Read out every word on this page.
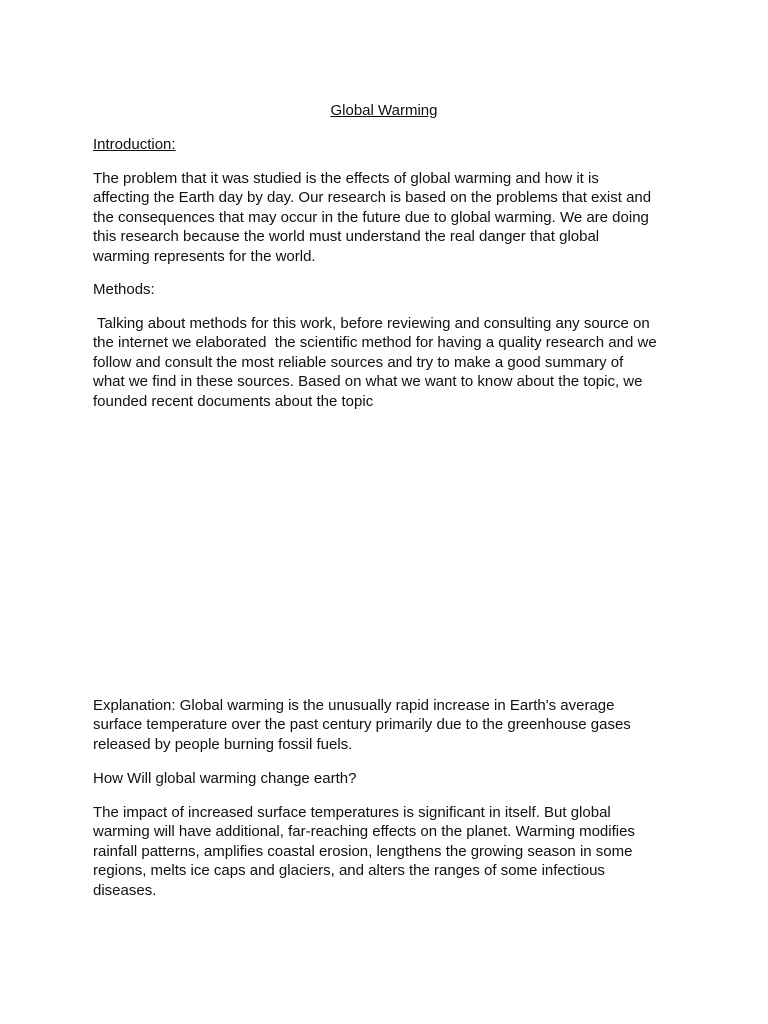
Global Warming
Introduction:
The problem that it was studied is the effects of global warming and how it is
affecting the Earth day by day. Our research is based on the problems that exist and
the consequences that may occur in the future due to global warming. We are doing
this research because the world must understand the real danger that global
warming represents for the world.
Methods:
Talking about methods for this work, before reviewing and consulting any source on
the internet we elaborated  the scientific method for having a quality research and we
follow and consult the most reliable sources and try to make a good summary of
what we find in these sources. Based on what we want to know about the topic, we
founded recent documents about the topic
Explanation: Global warming is the unusually rapid increase in Earth's average
surface temperature over the past century primarily due to the greenhouse gases
released by people burning fossil fuels.
How Will global warming change earth?
The impact of increased surface temperatures is significant in itself. But global
warming will have additional, far-reaching effects on the planet. Warming modifies
rainfall patterns, amplifies coastal erosion, lengthens the growing season in some
regions, melts ice caps and glaciers, and alters the ranges of some infectious
diseases.
